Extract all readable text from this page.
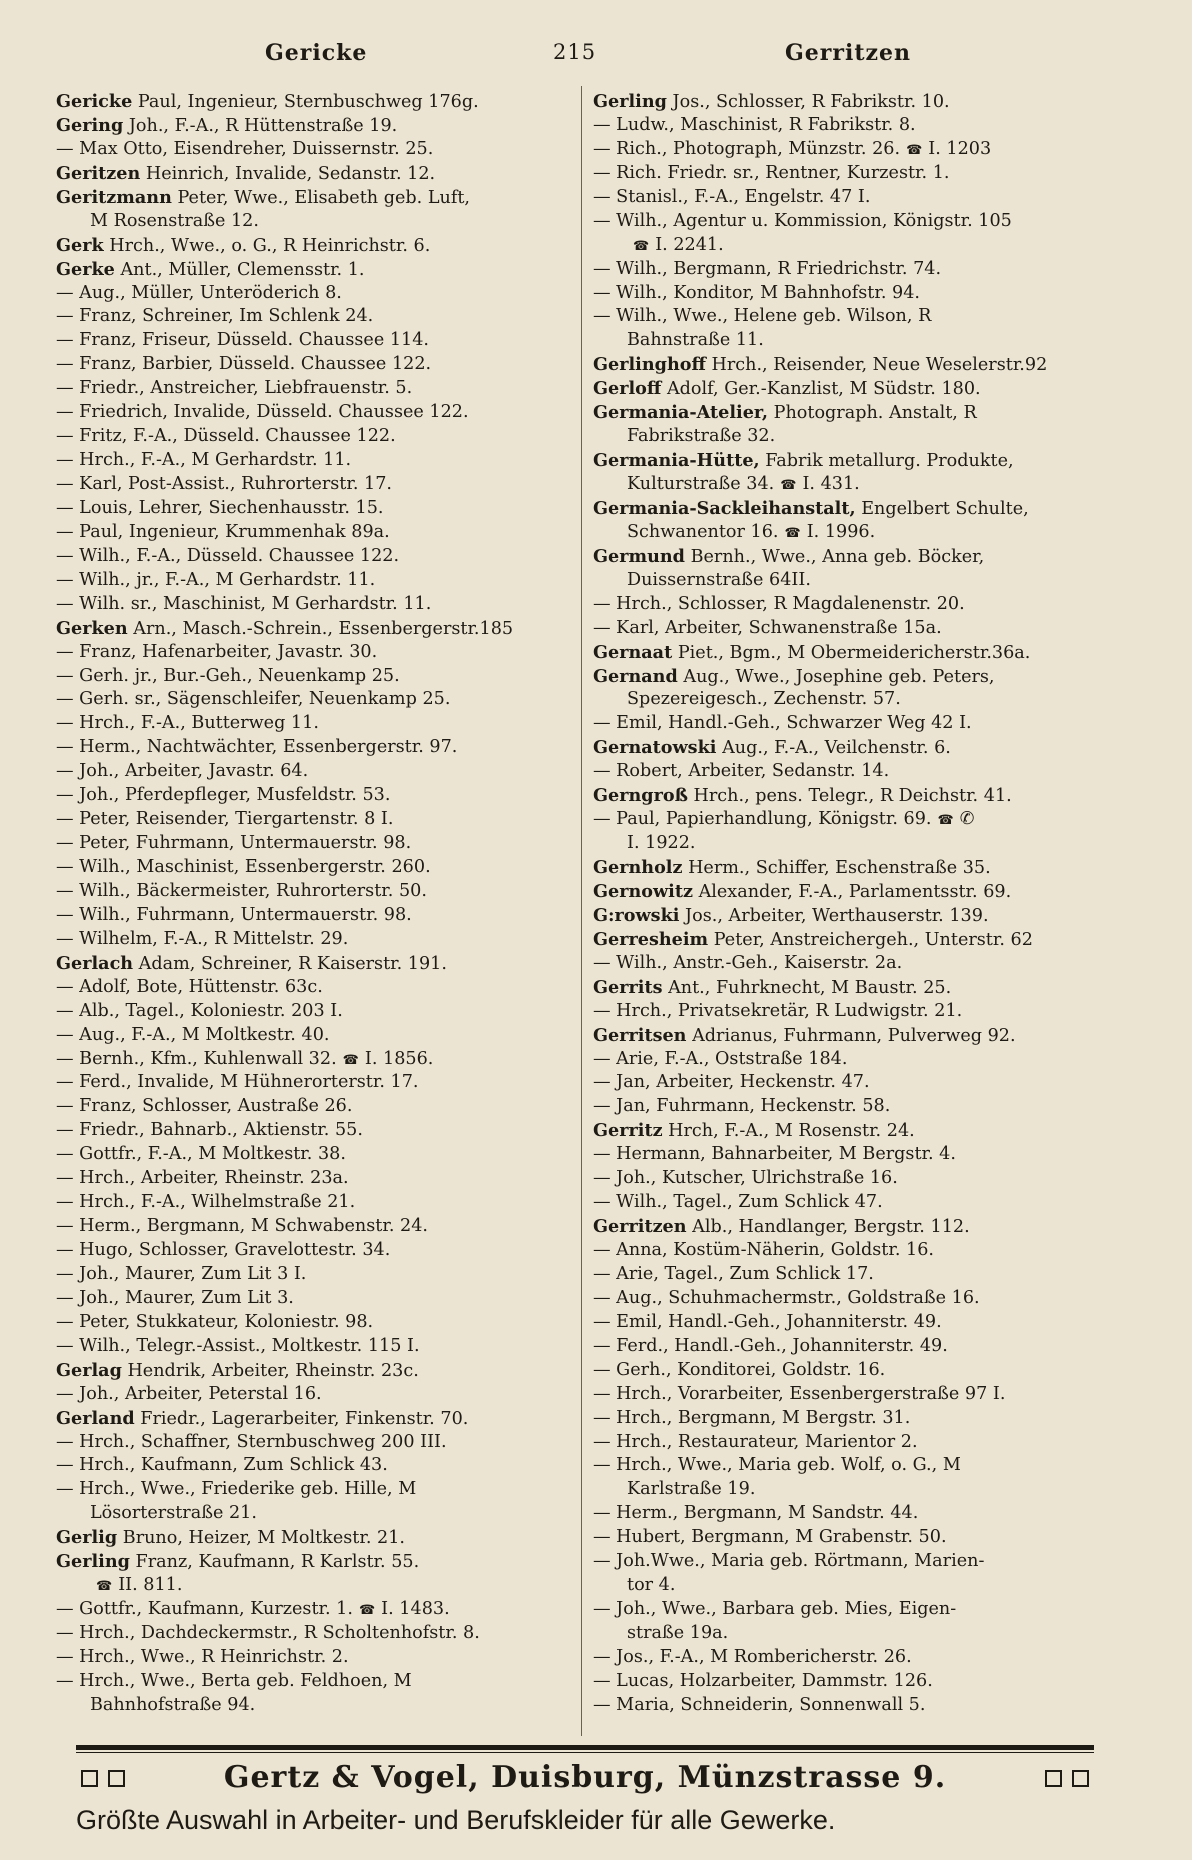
Gericke	215	Gerritzen
Gericke Paul, Ingenieur, Sternbuschweg 176g.
Gering Joh., F.-A., R Hüttenstraße 19.
— Max Otto, Eisendreher, Duissernstr. 25.
Geritzen Heinrich, Invalide, Sedanstr. 12.
Geritzmann Peter, Wwe., Elisabeth geb. Luft,
M Rosenstraße 12.
Gerk Hrch., Wwe., o. G., R Heinrichstr. 6.
Gerke Ant., Müller, Clemensstr. 1.
— Aug., Müller, Unteröderich 8.
— Franz, Schreiner, Im Schlenk 24.
— Franz, Friseur, Düsseld. Chaussee 114.
— Franz, Barbier, Düsseld. Chaussee 122.
— Friedr., Anstreicher, Liebfrauenstr. 5.
— Friedrich, Invalide, Düsseld. Chaussee 122.
— Fritz, F.-A., Düsseld. Chaussee 122.
— Hrch., F.-A., M Gerhardstr. 11.
— Karl, Post-Assist., Ruhrorterstr. 17.
— Louis, Lehrer, Siechenhausstr. 15.
— Paul, Ingenieur, Krummenhak 89a.
— Wilh., F.-A., Düsseld. Chaussee 122.
— Wilh., jr., F.-A., M Gerhardstr. 11.
— Wilh. sr., Maschinist, M Gerhardstr. 11.
Gerken Arn., Masch.-Schrein., Essenbergerstr.185
— Franz, Hafenarbeiter, Javastr. 30.
— Gerh. jr., Bur.-Geh., Neuenkamp 25.
— Gerh. sr., Sägenschleifer, Neuenkamp 25.
— Hrch., F.-A., Butterweg 11.
— Herm., Nachtwächter, Essenbergerstr. 97.
— Joh., Arbeiter, Javastr. 64.
— Joh., Pferdepfleger, Musfeldstr. 53.
— Peter, Reisender, Tiergartenstr. 8 I.
— Peter, Fuhrmann, Untermauerstr. 98.
— Wilh., Maschinist, Essenbergerstr. 260.
— Wilh., Bäckermeister, Ruhrorterstr. 50.
— Wilh., Fuhrmann, Untermauerstr. 98.
— Wilhelm, F.-A., R Mittelstr. 29.
Gerlach Adam, Schreiner, R Kaiserstr. 191.
— Adolf, Bote, Hüttenstr. 63c.
— Alb., Tagel., Koloniestr. 203 I.
— Aug., F.-A., M Moltkestr. 40.
— Bernh., Kfm., Kuhlenwall 32. ☎ I. 1856.
— Ferd., Invalide, M Hühnerorterstr. 17.
— Franz, Schlosser, Austraße 26.
— Friedr., Bahnarb., Aktienstr. 55.
— Gottfr., F.-A., M Moltkestr. 38.
— Hrch., Arbeiter, Rheinstr. 23a.
— Hrch., F.-A., Wilhelmstraße 21.
— Herm., Bergmann, M Schwabenstr. 24.
— Hugo, Schlosser, Gravelottestr. 34.
— Joh., Maurer, Zum Lit 3 I.
— Joh., Maurer, Zum Lit 3.
— Peter, Stukkateur, Koloniestr. 98.
— Wilh., Telegr.-Assist., Moltkestr. 115 I.
Gerlag Hendrik, Arbeiter, Rheinstr. 23c.
— Joh., Arbeiter, Peterstal 16.
Gerland Friedr., Lagerarbeiter, Finkenstr. 70.
— Hrch., Schaffner, Sternbuschweg 200 III.
— Hrch., Kaufmann, Zum Schlick 43.
— Hrch., Wwe., Friederike geb. Hille, M
Lösorterstraße 21.
Gerlig Bruno, Heizer, M Moltkestr. 21.
Gerling Franz, Kaufmann, R Karlstr. 55.
☎ II. 811.
— Gottfr., Kaufmann, Kurzestr. 1. ☎ I. 1483.
— Hrch., Dachdeckermstr., R Scholtenhofstr. 8.
— Hrch., Wwe., R Heinrichstr. 2.
— Hrch., Wwe., Berta geb. Feldhoen, M
Bahnhofstraße 94.
Gerling Jos., Schlosser, R Fabrikstr. 10.
— Ludw., Maschinist, R Fabrikstr. 8.
— Rich., Photograph, Münzstr. 26. ☎ I. 1203
— Rich. Friedr. sr., Rentner, Kurzestr. 1.
— Stanisl., F.-A., Engelstr. 47 I.
— Wilh., Agentur u. Kommission, Königstr. 105
☎ I. 2241.
— Wilh., Bergmann, R Friedrichstr. 74.
— Wilh., Konditor, M Bahnhofstr. 94.
— Wilh., Wwe., Helene geb. Wilson, R
Bahnstraße 11.
Gerlinghoff Hrch., Reisender, Neue Weselerstr.92
Gerloff Adolf, Ger.-Kanzlist, M Südstr. 180.
Germania-Atelier, Photograph. Anstalt, R
Fabrikstraße 32.
Germania-Hütte, Fabrik metallurg. Produkte,
Kulturstraße 34. ☎ I. 431.
Germania-Sackleihanstalt, Engelbert Schulte,
Schwanentor 16. ☎ I. 1996.
Germund Bernh., Wwe., Anna geb. Böcker,
Duissernstraße 64II.
— Hrch., Schlosser, R Magdalenenstr. 20.
— Karl, Arbeiter, Schwanenstraße 15a.
Gernaat Piet., Bgm., M Obermeidericherstr.36a.
Gernand Aug., Wwe., Josephine geb. Peters,
Spezereigesch., Zechenstr. 57.
— Emil, Handl.-Geh., Schwarzer Weg 42 I.
Gernatowski Aug., F.-A., Veilchenstr. 6.
— Robert, Arbeiter, Sedanstr. 14.
Gerngroß Hrch., pens. Telegr., R Deichstr. 41.
— Paul, Papierhandlung, Königstr. 69. ☎ ✆
I. 1922.
Gernholz Herm., Schiffer, Eschenstraße 35.
Gernowitz Alexander, F.-A., Parlamentsstr. 69.
G:rowski Jos., Arbeiter, Werthauserstr. 139.
Gerresheim Peter, Anstreichergeh., Unterstr. 62
— Wilh., Anstr.-Geh., Kaiserstr. 2a.
Gerrits Ant., Fuhrknecht, M Baustr. 25.
— Hrch., Privatsekretär, R Ludwigstr. 21.
Gerritsen Adrianus, Fuhrmann, Pulverweg 92.
— Arie, F.-A., Oststraße 184.
— Jan, Arbeiter, Heckenstr. 47.
— Jan, Fuhrmann, Heckenstr. 58.
Gerritz Hrch, F.-A., M Rosenstr. 24.
— Hermann, Bahnarbeiter, M Bergstr. 4.
— Joh., Kutscher, Ulrichstraße 16.
— Wilh., Tagel., Zum Schlick 47.
Gerritzen Alb., Handlanger, Bergstr. 112.
— Anna, Kostüm-Näherin, Goldstr. 16.
— Arie, Tagel., Zum Schlick 17.
— Aug., Schuhmachermstr., Goldstraße 16.
— Emil, Handl.-Geh., Johanniterstr. 49.
— Ferd., Handl.-Geh., Johanniterstr. 49.
— Gerh., Konditorei, Goldstr. 16.
— Hrch., Vorarbeiter, Essenbergerstraße 97 I.
— Hrch., Bergmann, M Bergstr. 31.
— Hrch., Restaurateur, Marientor 2.
— Hrch., Wwe., Maria geb. Wolf, o. G., M
Karlstraße 19.
— Herm., Bergmann, M Sandstr. 44.
— Hubert, Bergmann, M Grabenstr. 50.
— Joh.Wwe., Maria geb. Rörtmann, Marien-
tor 4.
— Joh., Wwe., Barbara geb. Mies, Eigen-
straße 19a.
— Jos., F.-A., M Rombericherstr. 26.
— Lucas, Holzarbeiter, Dammstr. 126.
— Maria, Schneiderin, Sonnenwall 5.
Gertz & Vogel, Duisburg, Münzstrasse 9.
Größte Auswahl in Arbeiter- und Berufskleider für alle Gewerke.
